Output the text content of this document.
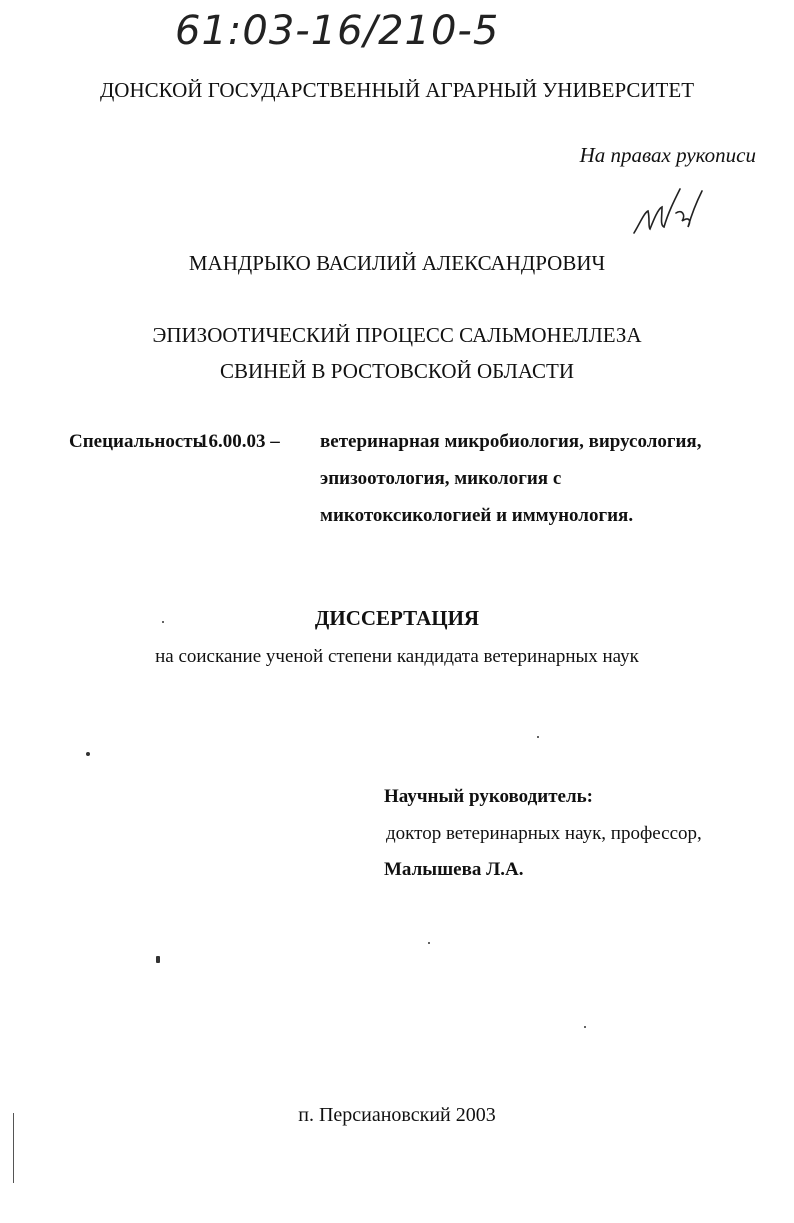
61:03-16/210-5
ДОНСКОЙ ГОСУДАРСТВЕННЫЙ АГРАРНЫЙ УНИВЕРСИТЕТ
На правах рукописи
МАНДРЫКО ВАСИЛИЙ АЛЕКСАНДРОВИЧ
ЭПИЗООТИЧЕСКИЙ ПРОЦЕСС САЛЬМОНЕЛЛЕЗА
СВИНЕЙ В РОСТОВСКОЙ ОБЛАСТИ
Специальность
16.00.03 – ветеринарная микробиология, вирусология,
эпизоотология, микология с
микотоксикологией и иммунология.
ДИССЕРТАЦИЯ
на соискание ученой степени кандидата ветеринарных наук
Научный руководитель:
доктор ветеринарных наук, профессор,
Малышева Л.А.
п. Персиановский 2003
